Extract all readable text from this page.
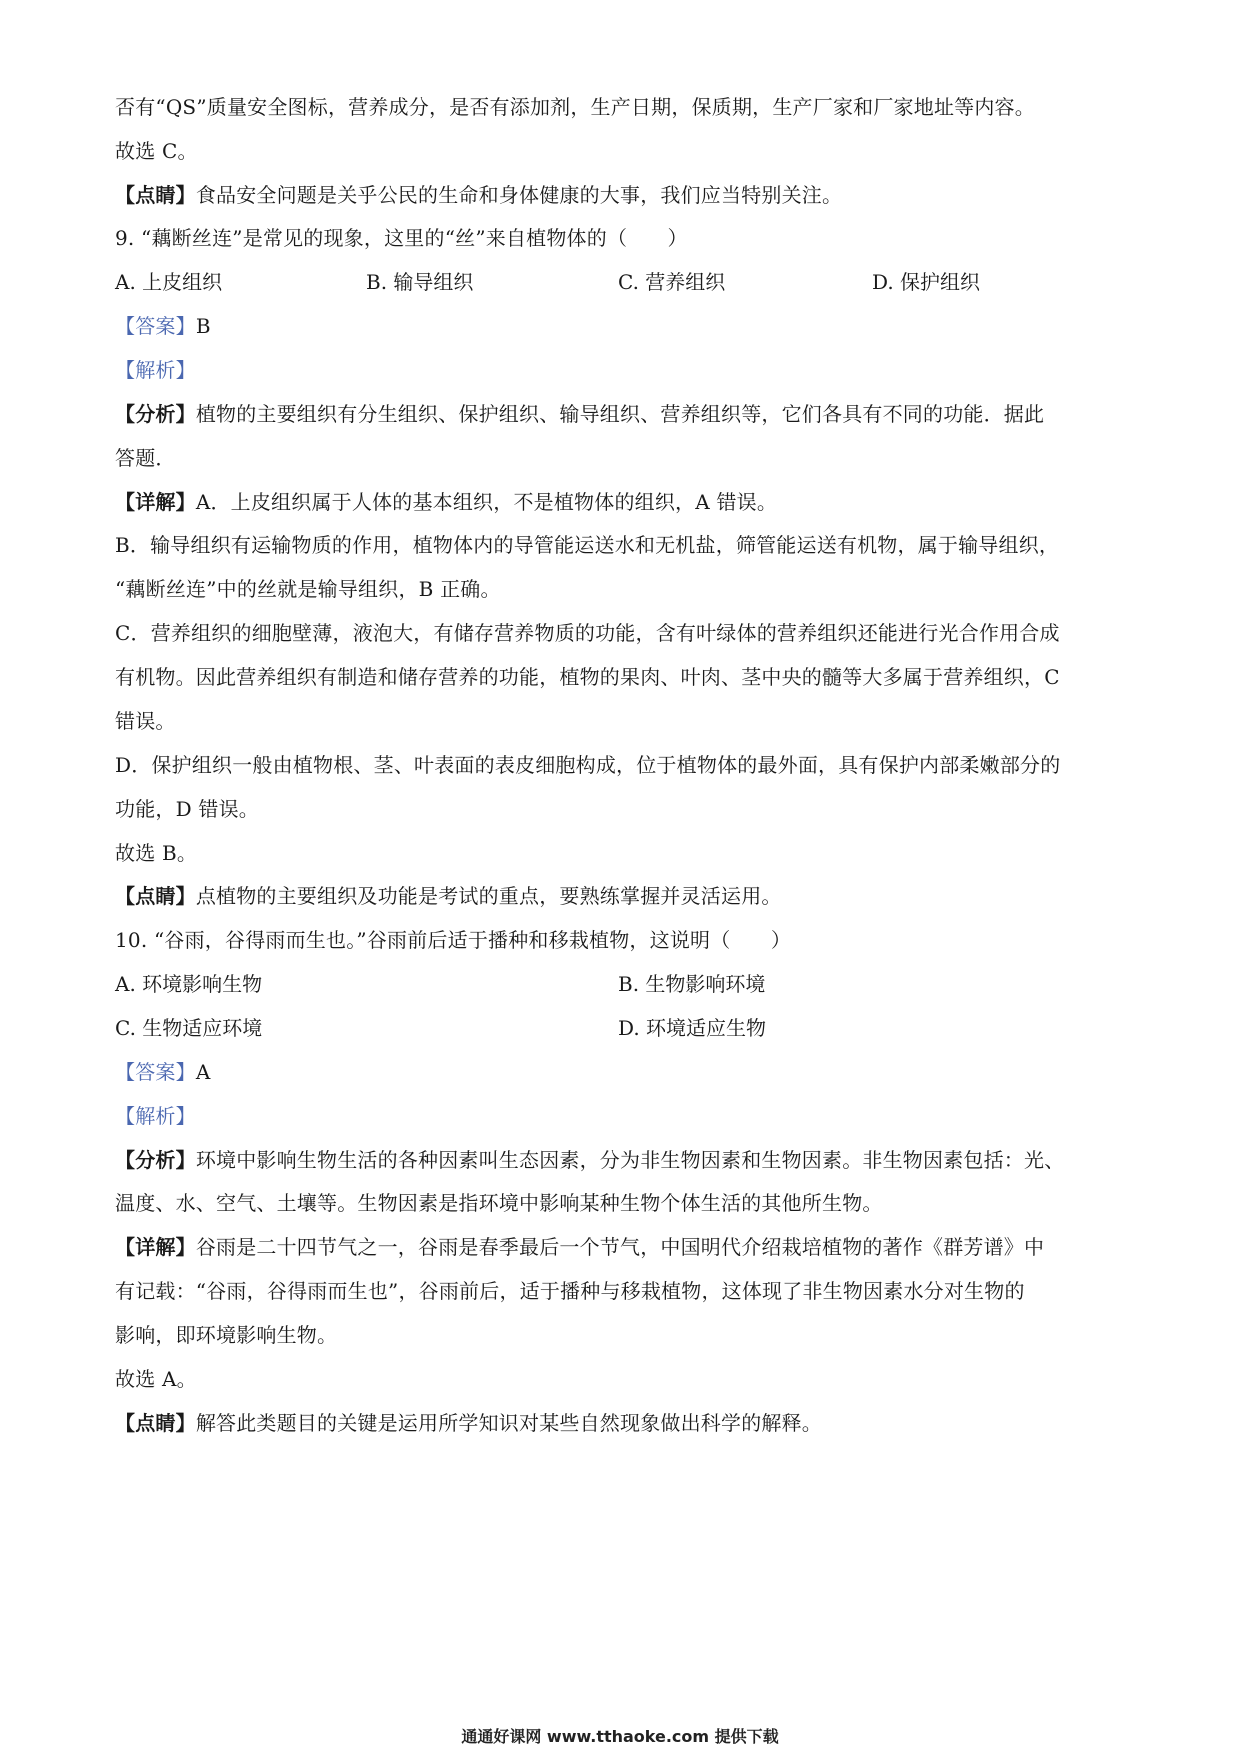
否有“QS”质量安全图标，营养成分，是否有添加剂，生产日期，保质期，生产厂家和厂家地址等内容。
故选 C。
【点睛】食品安全问题是关乎公民的生命和身体健康的大事，我们应当特别关注。
9. “藕断丝连”是常见的现象，这里的“丝”来自植物体的（　　）
A. 上皮组织	B. 输导组织	C. 营养组织	D. 保护组织
【答案】B
【解析】
【分析】植物的主要组织有分生组织、保护组织、输导组织、营养组织等，它们各具有不同的功能．据此
答题．
【详解】A．上皮组织属于人体的基本组织，不是植物体的组织，A 错误。
B．输导组织有运输物质的作用，植物体内的导管能运送水和无机盐，筛管能运送有机物，属于输导组织，
“藕断丝连”中的丝就是输导组织，B 正确。
C．营养组织的细胞壁薄，液泡大，有储存营养物质的功能，含有叶绿体的营养组织还能进行光合作用合成
有机物。因此营养组织有制造和储存营养的功能，植物的果肉、叶肉、茎中央的髓等大多属于营养组织，C
错误。
D．保护组织一般由植物根、茎、叶表面的表皮细胞构成，位于植物体的最外面，具有保护内部柔嫩部分的
功能，D 错误。
故选 B。
【点睛】点植物的主要组织及功能是考试的重点，要熟练掌握并灵活运用。
10. “谷雨，谷得雨而生也。”谷雨前后适于播种和移栽植物，这说明（　　）
A. 环境影响生物	B. 生物影响环境
C. 生物适应环境	D. 环境适应生物
【答案】A
【解析】
【分析】环境中影响生物生活的各种因素叫生态因素，分为非生物因素和生物因素。非生物因素包括：光、
温度、水、空气、土壤等。生物因素是指环境中影响某种生物个体生活的其他所生物。
【详解】谷雨是二十四节气之一，谷雨是春季最后一个节气，中国明代介绍栽培植物的著作《群芳谱》中
有记载：“谷雨，谷得雨而生也”，谷雨前后，适于播种与移栽植物，这体现了非生物因素水分对生物的
影响，即环境影响生物。
故选 A。
【点睛】解答此类题目的关键是运用所学知识对某些自然现象做出科学的解释。
通通好课网 www.tthaoke.com 提供下载
